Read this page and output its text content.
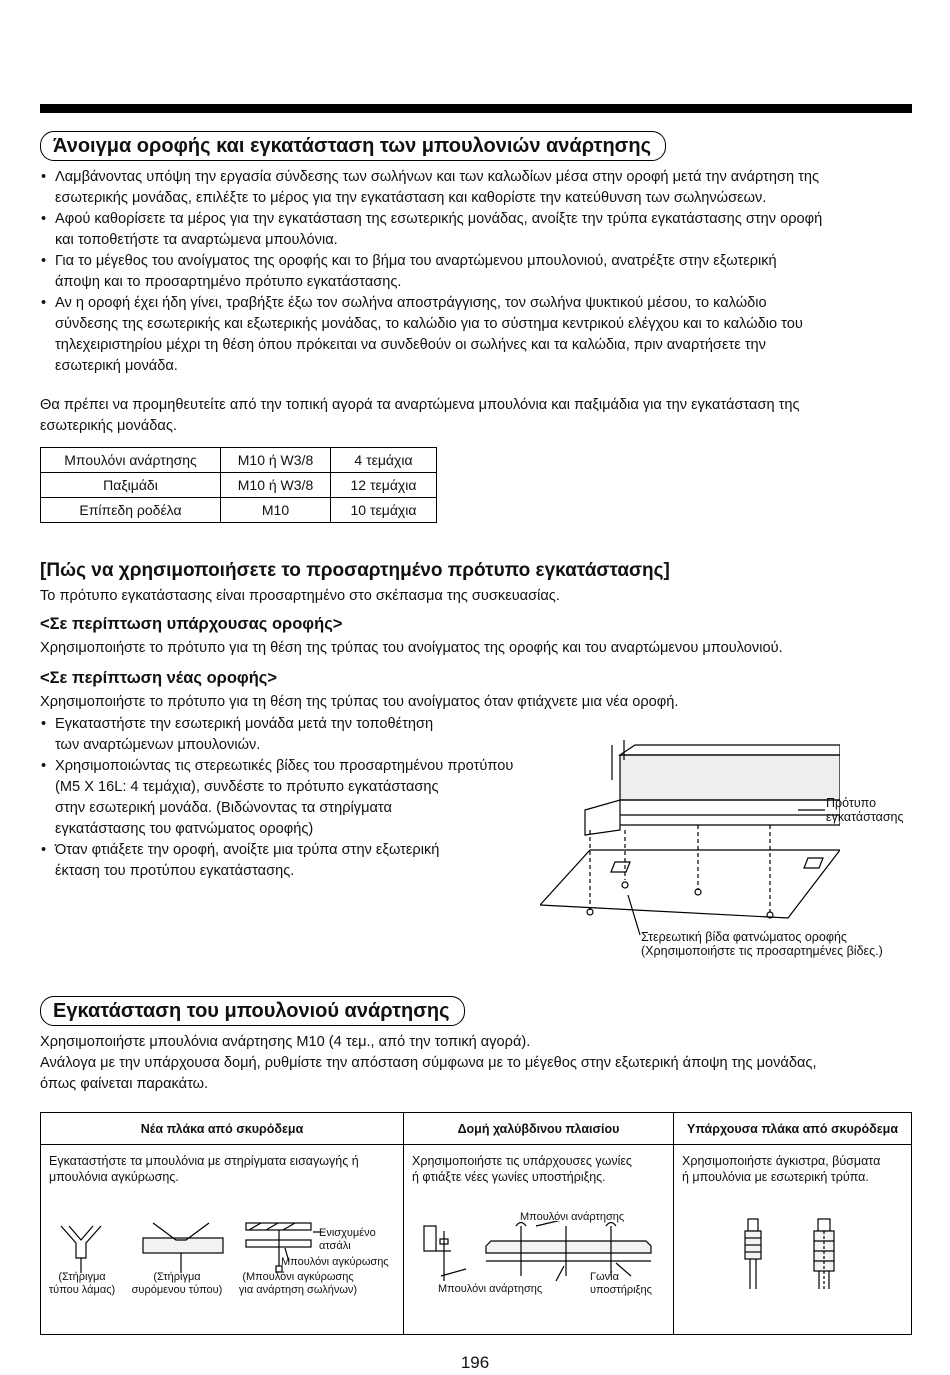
Άνοιγμα οροφής και εγκατάσταση των μπουλονιών ανάρτησης
• Λαμβάνοντας υπόψη την εργασία σύνδεσης των σωλήνων και των καλωδίων μέσα στην οροφή μετά την ανάρτηση της
εσωτερικής μονάδας, επιλέξτε το μέρος για την εγκατάσταση και καθορίστε την κατεύθυνση των σωληνώσεων.
• Αφού καθορίσετε τα μέρος για την εγκατάσταση της εσωτερικής μονάδας, ανοίξτε την τρύπα εγκατάστασης στην οροφή
και τοποθετήστε τα αναρτώμενα μπουλόνια.
• Για το μέγεθος του ανοίγματος της οροφής και το βήμα του αναρτώμενου μπουλονιού, ανατρέξτε στην εξωτερική
άποψη και το προσαρτημένο πρότυπο εγκατάστασης.
• Αν η οροφή έχει ήδη γίνει, τραβήξτε έξω τον σωλήνα αποστράγγισης, τον σωλήνα ψυκτικού μέσου, το καλώδιο
σύνδεσης της εσωτερικής και εξωτερικής μονάδας, το καλώδιο για το σύστημα κεντρικού ελέγχου και το καλώδιο του
τηλεχειριστηρίου μέχρι τη θέση όπου πρόκειται να συνδεθούν οι σωλήνες και τα καλώδια, πριν αναρτήσετε την
εσωτερική μονάδα.
Θα πρέπει να προμηθευτείτε από την τοπική αγορά τα αναρτώμενα μπουλόνια και παξιμάδια για την εγκατάσταση της
εσωτερικής μονάδας.
Μπουλόνι ανάρτησης	M10 ή W3/8	4 τεμάχια
Παξιμάδι	M10 ή W3/8	12 τεμάχια
Επίπεδη ροδέλα	M10	10 τεμάχια
[Πώς να χρησιμοποιήσετε το προσαρτημένο πρότυπο εγκατάστασης]
Το πρότυπο εγκατάστασης είναι προσαρτημένο στο σκέπασμα της συσκευασίας.
<Σε περίπτωση υπάρχουσας οροφής>
Χρησιμοποιήστε το πρότυπο για τη θέση της τρύπας του ανοίγματος της οροφής και του αναρτώμενου μπουλονιού.
<Σε περίπτωση νέας οροφής>
Χρησιμοποιήστε το πρότυπο για τη θέση της τρύπας του ανοίγματος όταν φτιάχνετε μια νέα οροφή.
• Εγκαταστήστε την εσωτερική μονάδα μετά την τοποθέτηση
των αναρτώμενων μπουλονιών.
• Χρησιμοποιώντας τις στερεωτικές βίδες του προσαρτημένου προτύπου
(M5 X 16L: 4 τεμάχια), συνδέστε το πρότυπο εγκατάστασης
στην εσωτερική μονάδα. (Βιδώνοντας τα στηρίγματα
εγκατάστασης του φατνώματος οροφής)
• Όταν φτιάξετε την οροφή, ανοίξτε μια τρύπα στην εξωτερική
έκταση του προτύπου εγκατάστασης.
Πρότυπο
εγκατάστασης
Στερεωτική βίδα φατνώματος οροφής
(Χρησιμοποιήστε τις προσαρτημένες βίδες.)
Εγκατάσταση του μπουλονιού ανάρτησης
Χρησιμοποιήστε μπουλόνια ανάρτησης M10 (4 τεμ., από την τοπική αγορά).
Ανάλογα με την υπάρχουσα δομή, ρυθμίστε την απόσταση σύμφωνα με το μέγεθος στην εξωτερική άποψη της μονάδας,
όπως φαίνεται παρακάτω.
Νέα πλάκα από σκυρόδεμα
Εγκαταστήστε τα μπουλόνια με στηρίγματα εισαγωγής ή
μπουλόνια αγκύρωσης.
Ενισχυμένο
ατσάλι
Μπουλόνι αγκύρωσης
(Στήριγμα
τύπου λάμας)
(Στήριγμα
συρόμενου τύπου)
(Μπουλόνι αγκύρωσης
για ανάρτηση σωλήνων)
Δομή χαλύβδινου πλαισίου
Χρησιμοποιήστε τις υπάρχουσες γωνίες
ή φτιάξτε νέες γωνίες υποστήριξης.
Μπουλόνι ανάρτησης
Μπουλόνι ανάρτησης
Γωνία
υποστήριξης
Υπάρχουσα πλάκα από σκυρόδεμα
Χρησιμοποιήστε άγκιστρα, βύσματα
ή μπουλόνια με εσωτερική τρύπα.
196
